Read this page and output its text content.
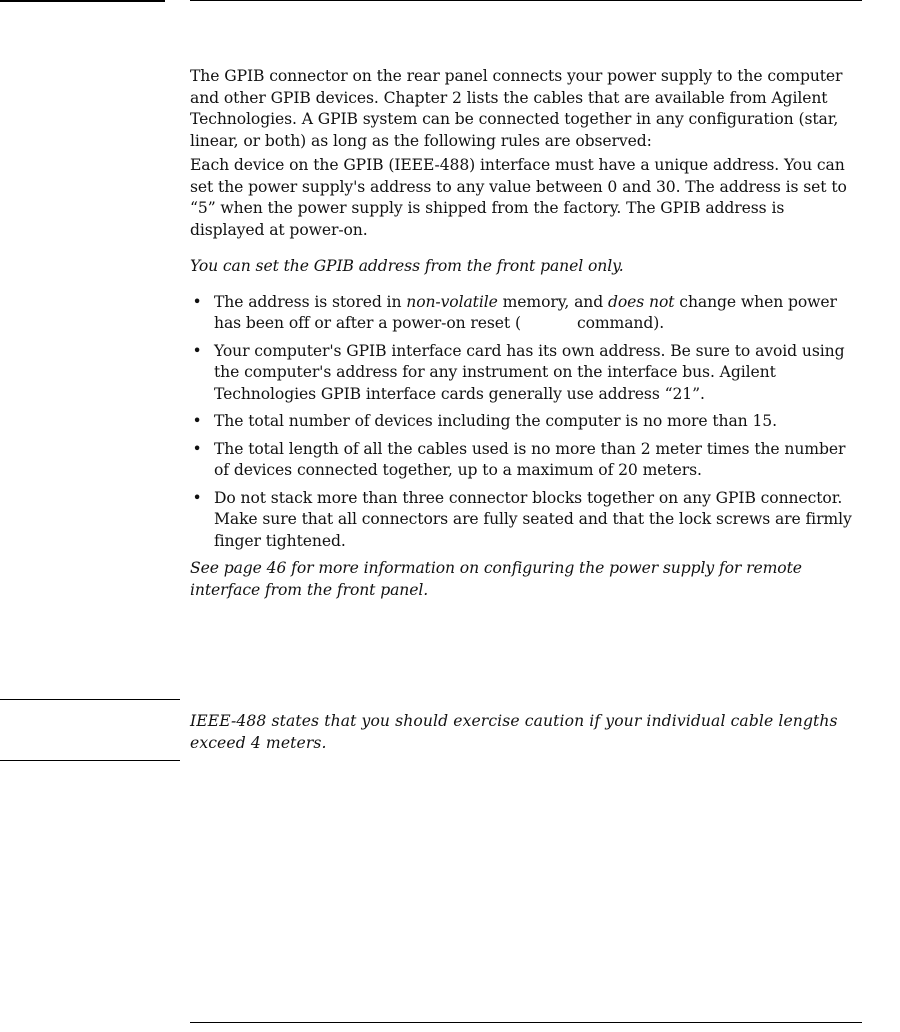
The GPIB connector on the rear panel connects your power supply to the computer and other GPIB devices. Chapter 2 lists the cables that are available from Agilent Technologies. A GPIB system can be connected together in any configuration (star, linear, or both) as long as the following rules are observed:

Each device on the GPIB (IEEE-488) interface must have a unique address. You can set the power supply's address to any value between 0 and 30. The address is set to “5” when the power supply is shipped from the factory. The GPIB address is displayed at power-on.

You can set the GPIB address from the front panel only.

• The address is stored in non-volatile memory, and does not change when power has been off or after a power-on reset (	command).
• Your computer's GPIB interface card has its own address. Be sure to avoid using the computer's address for any instrument on the interface bus. Agilent Technologies GPIB interface cards generally use address “21”.
• The total number of devices including the computer is no more than 15.
• The total length of all the cables used is no more than 2 meter times the number of devices connected together, up to a maximum of 20 meters.
• Do not stack more than three connector blocks together on any GPIB connector. Make sure that all connectors are fully seated and that the lock screws are firmly finger tightened.

See page 46 for more information on configuring the power supply for remote interface from the front panel.

IEEE-488 states that you should exercise caution if your individual cable lengths exceed 4 meters.
